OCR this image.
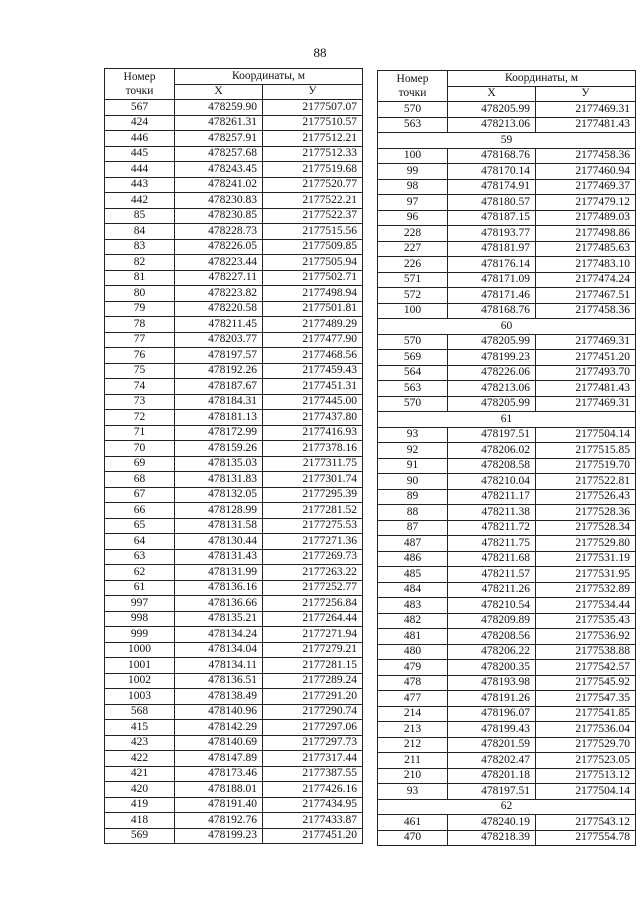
88
Номер
точки	Координаты, м	
	X	У
567	478259.90	2177507.07
424	478261.31	2177510.57
446	478257.91	2177512.21
445	478257.68	2177512.33
444	478243.45	2177519.68
443	478241.02	2177520.77
442	478230.83	2177522.21
85	478230.85	2177522.37
84	478228.73	2177515.56
83	478226.05	2177509.85
82	478223.44	2177505.94
81	478227.11	2177502.71
80	478223.82	2177498.94
79	478220.58	2177501.81
78	478211.45	2177489.29
77	478203.77	2177477.90
76	478197.57	2177468.56
75	478192.26	2177459.43
74	478187.67	2177451.31
73	478184.31	2177445.00
72	478181.13	2177437.80
71	478172.99	2177416.93
70	478159.26	2177378.16
69	478135.03	2177311.75
68	478131.83	2177301.74
67	478132.05	2177295.39
66	478128.99	2177281.52
65	478131.58	2177275.53
64	478130.44	2177271.36
63	478131.43	2177269.73
62	478131.99	2177263.22
61	478136.16	2177252.77
997	478136.66	2177256.84
998	478135.21	2177264.44
999	478134.24	2177271.94
1000	478134.04	2177279.21
1001	478134.11	2177281.15
1002	478136.51	2177289.24
1003	478138.49	2177291.20
568	478140.96	2177290.74
415	478142.29	2177297.06
423	478140.69	2177297.73
422	478147.89	2177317.44
421	478173.46	2177387.55
420	478188.01	2177426.16
419	478191.40	2177434.95
418	478192.76	2177433.87
569	478199.23	2177451.20
Номер
точки	Координаты, м	
	X	У
570	478205.99	2177469.31
563	478213.06	2177481.43
59		
100	478168.76	2177458.36
99	478170.14	2177460.94
98	478174.91	2177469.37
97	478180.57	2177479.12
96	478187.15	2177489.03
228	478193.77	2177498.86
227	478181.97	2177485.63
226	478176.14	2177483.10
571	478171.09	2177474.24
572	478171.46	2177467.51
100	478168.76	2177458.36
60		
570	478205.99	2177469.31
569	478199.23	2177451.20
564	478226.06	2177493.70
563	478213.06	2177481.43
570	478205.99	2177469.31
61		
93	478197.51	2177504.14
92	478206.02	2177515.85
91	478208.58	2177519.70
90	478210.04	2177522.81
89	478211.17	2177526.43
88	478211.38	2177528.36
87	478211.72	2177528.34
487	478211.75	2177529.80
486	478211.68	2177531.19
485	478211.57	2177531.95
484	478211.26	2177532.89
483	478210.54	2177534.44
482	478209.89	2177535.43
481	478208.56	2177536.92
480	478206.22	2177538.88
479	478200.35	2177542.57
478	478193.98	2177545.92
477	478191.26	2177547.35
214	478196.07	2177541.85
213	478199.43	2177536.04
212	478201.59	2177529.70
211	478202.47	2177523.05
210	478201.18	2177513.12
93	478197.51	2177504.14
62		
461	478240.19	2177543.12
470	478218.39	2177554.78
